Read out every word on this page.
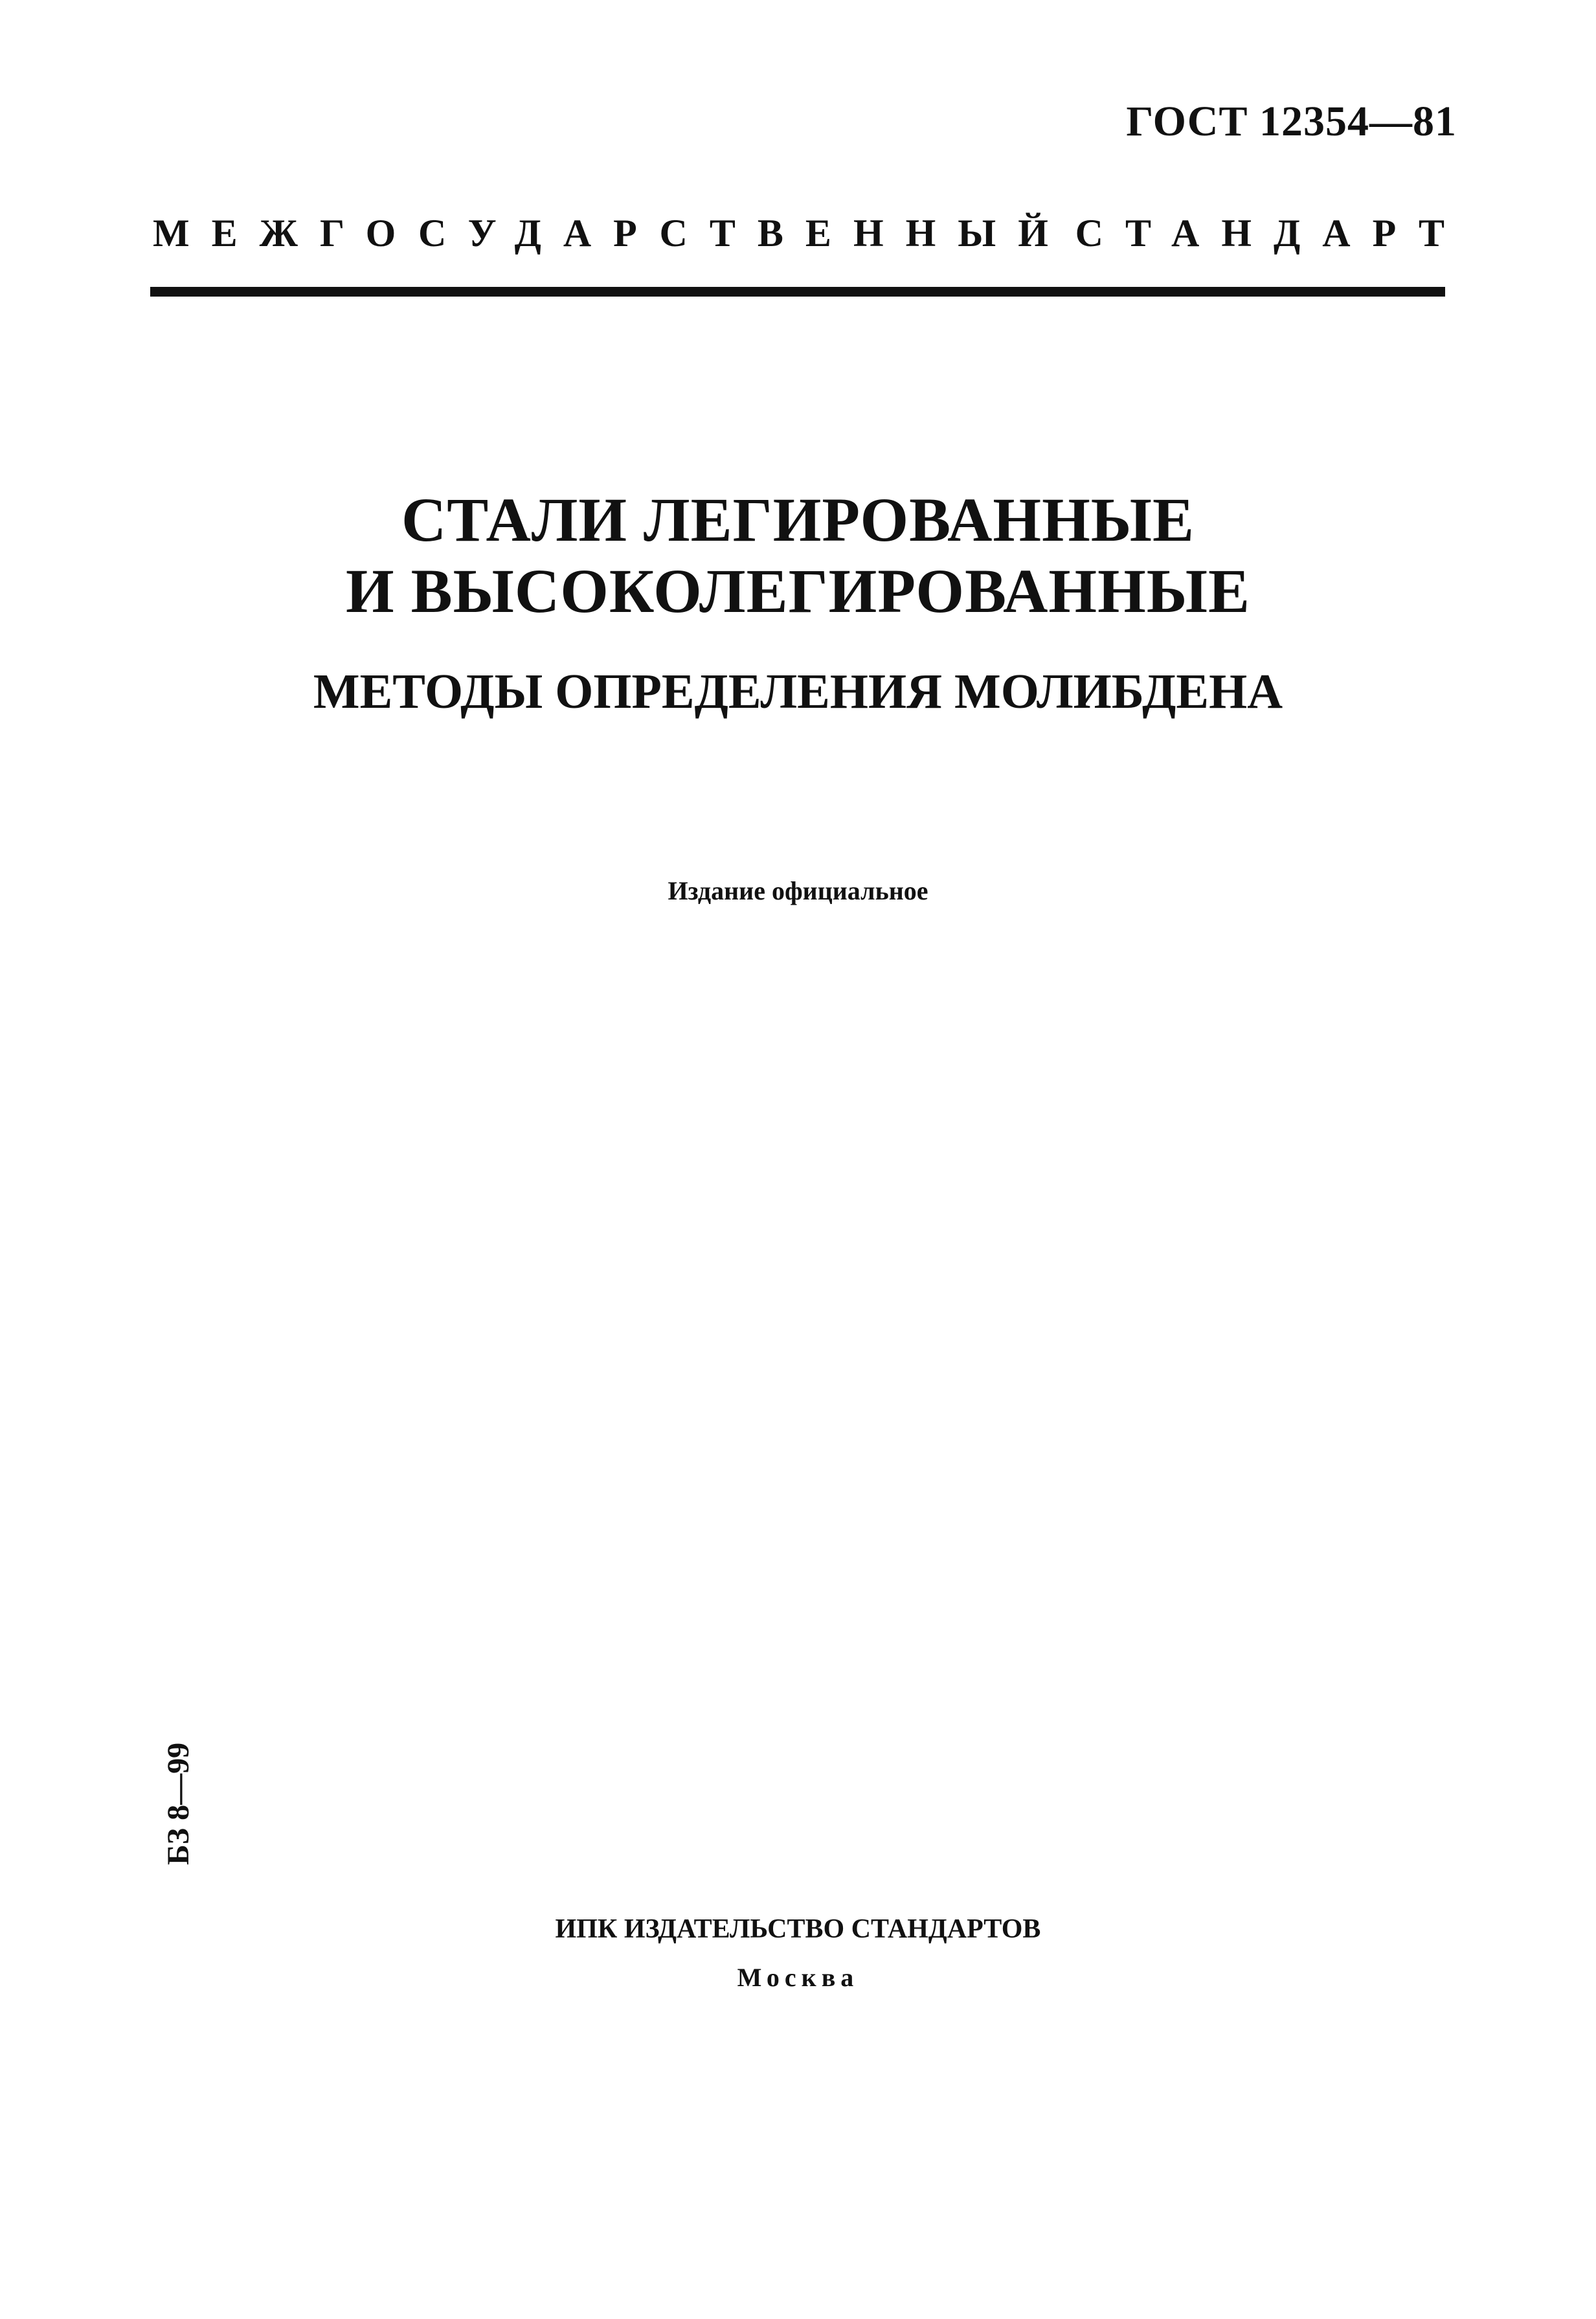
ГОСТ 12354—81
МЕЖГОСУДАРСТВЕННЫЙ СТАНДАРТ
СТАЛИ ЛЕГИРОВАННЫЕ
И ВЫСОКОЛЕГИРОВАННЫЕ
МЕТОДЫ ОПРЕДЕЛЕНИЯ МОЛИБДЕНА
Издание официальное
БЗ 8—99
ИПК ИЗДАТЕЛЬСТВО СТАНДАРТОВ
Москва
